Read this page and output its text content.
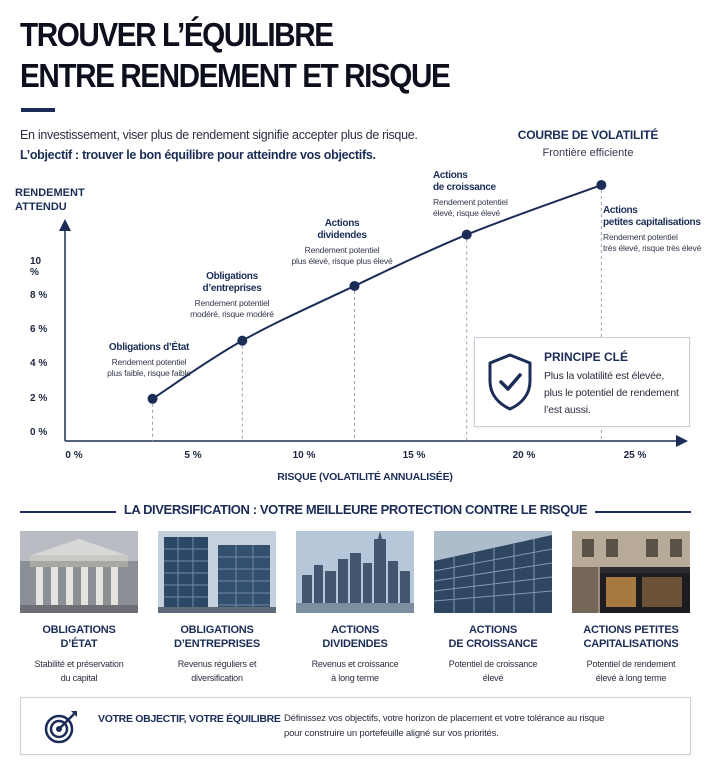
TROUVER L’ÉQUILIBRE
ENTRE RENDEMENT ET RISQUE
En investissement, viser plus de rendement signifie accepter plus de risque.
L’objectif : trouver le bon équilibre pour atteindre vos objectifs.
COURBE DE VOLATILITÉ
Frontière efficiente
RENDEMENT
ATTENDU
10 %
8 %
6 %
4 %
2 %
0 %
0 %	5 %	10 %	15 %	20 %	25 %
RISQUE (VOLATILITÉ ANNUALISÉE)
Obligations d’État
Rendement potentiel
plus faible, risque faible
Obligations
d’entreprises
Rendement potentiel
modéré, risque modéré
Actions
dividendes
Rendement potentiel
plus élevé, risque plus élevé
Actions
de croissance
Rendement potentiel
élevé, risque élevé	Actions
petites capitalisations
Rendement potentiel
très élevé, risque très élevé
PRINCIPE CLÉ
Plus la volatilité est élevée,
plus le potentiel de rendement
l’est aussi.
LA DIVERSIFICATION : VOTRE MEILLEURE PROTECTION CONTRE LE RISQUE
OBLIGATIONS
D’ÉTAT
Stabilité et préservation
du capital
OBLIGATIONS
D’ENTREPRISES
Revenus réguliers et
diversification
ACTIONS
DIVIDENDES
Revenus et croissance
à long terme
ACTIONS
DE CROISSANCE
Potentiel de croissance
élevé
ACTIONS PETITES
CAPITALISATIONS
Potentiel de rendement
élevé à long terme
VOTRE OBJECTIF, VOTRE ÉQUILIBRE Définissez vos objectifs, votre horizon de placement et votre tolérance au risque
pour construire un portefeuille aligné sur vos priorités.
